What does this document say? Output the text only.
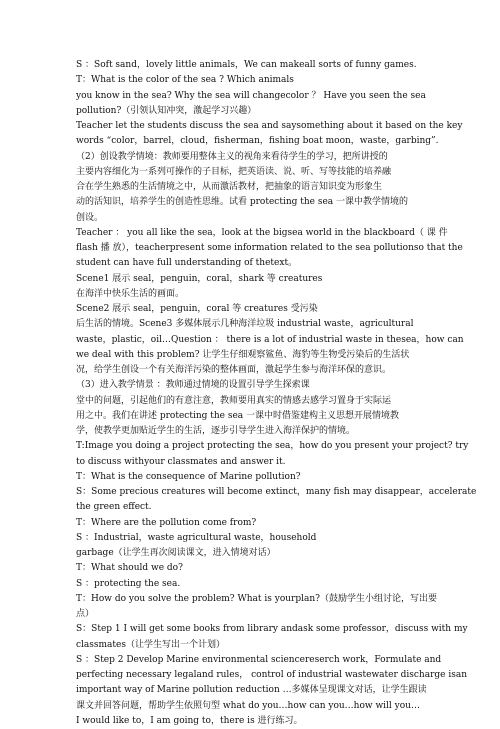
S ：Soft sand，lovely little animals，We can makeall sorts of funny games.
T：What is the color of the sea ? Which animals
you know in the sea? Why the sea will changecolor ？ Have you seen the sea
pollution?（引领认知冲突，激起学习兴趣）
Teacher let the students discuss the sea and saysomething about it based on the key
words “color，barrel，cloud，fisherman，fishing boat moon，waste，garbing”.
（2）创设教学情境：教师要用整体主义的视角来看待学生的学习，把所讲授的
主要内容细化为一系列可操作的子目标，把英语读、说、听、写等技能的培养融
合在学生熟悉的生活情境之中，从而激活教材，把抽象的语言知识变为形象生
动的活知识，培养学生的创造性思维。试看 protecting the sea 一课中教学情境的
创设。
Teacher ： you all like the sea，look at the bigsea world in the blackboard（ 课 件
flash 播 放），teacherpresent some information related to the sea pollutionso that the
student can have full understanding of thetext。
Scene1 展示 seal，penguin，coral，shark 等 creatures
在海洋中快乐生活的画面。
Scene2 展示 seal，penguin，coral 等 creatures 受污染
后生活的情境。Scene3 多媒体展示几种海洋垃圾 industrial waste，agricultural
waste，plastic，oil…Question ： there is a lot of industrial waste in thesea，how can
we deal with this problem? 让学生仔细观察鲨鱼、海豹等生物受污染后的生活状
况，给学生创设一个有关海洋污染的整体画面，激起学生参与海洋环保的意识。
（3）进入教学情景 ：教师通过情境的设置引导学生探索课
堂中的问题，引起他们的有意注意，教师要用真实的情感去感学习置身于实际运
用之中。我们在讲述 protecting the sea 一课中时借鉴建构主义思想开展情境教
学，使教学更加贴近学生的生活，逐步引导学生进入海洋保护的情境。
T:Image you doing a project protecting the sea，how do you present your project? try
to discuss withyour classmates and answer it.
T：What is the consequence of Marine pollution?
S：Some precious creatures will become extinct，many fish may disappear，accelerate
the green effect.
T：Where are the pollution come from?
S ：Industrial，waste agricultural waste，household
garbage（让学生再次阅读课文，进入情境对话）
T：What should we do?
S ：protecting the sea.
T：How do you solve the problem? What is yourplan?（鼓励学生小组讨论，写出要
点）
S：Step 1 I will get some books from library andask some professor，discuss with my
classmates（让学生写出一个计划）
S ：Step 2 Develop Marine environmental sciencereserch work，Formulate and
perfecting necessary legaland rules， control of industrial wastewater discharge isan
important way of Marine pollution reduction …多媒体呈现课文对话，让学生跟读
课文并回答问题，帮助学生依照句型 what do you…how can you…how will you…
I would like to，I am going to，there is 进行练习。
